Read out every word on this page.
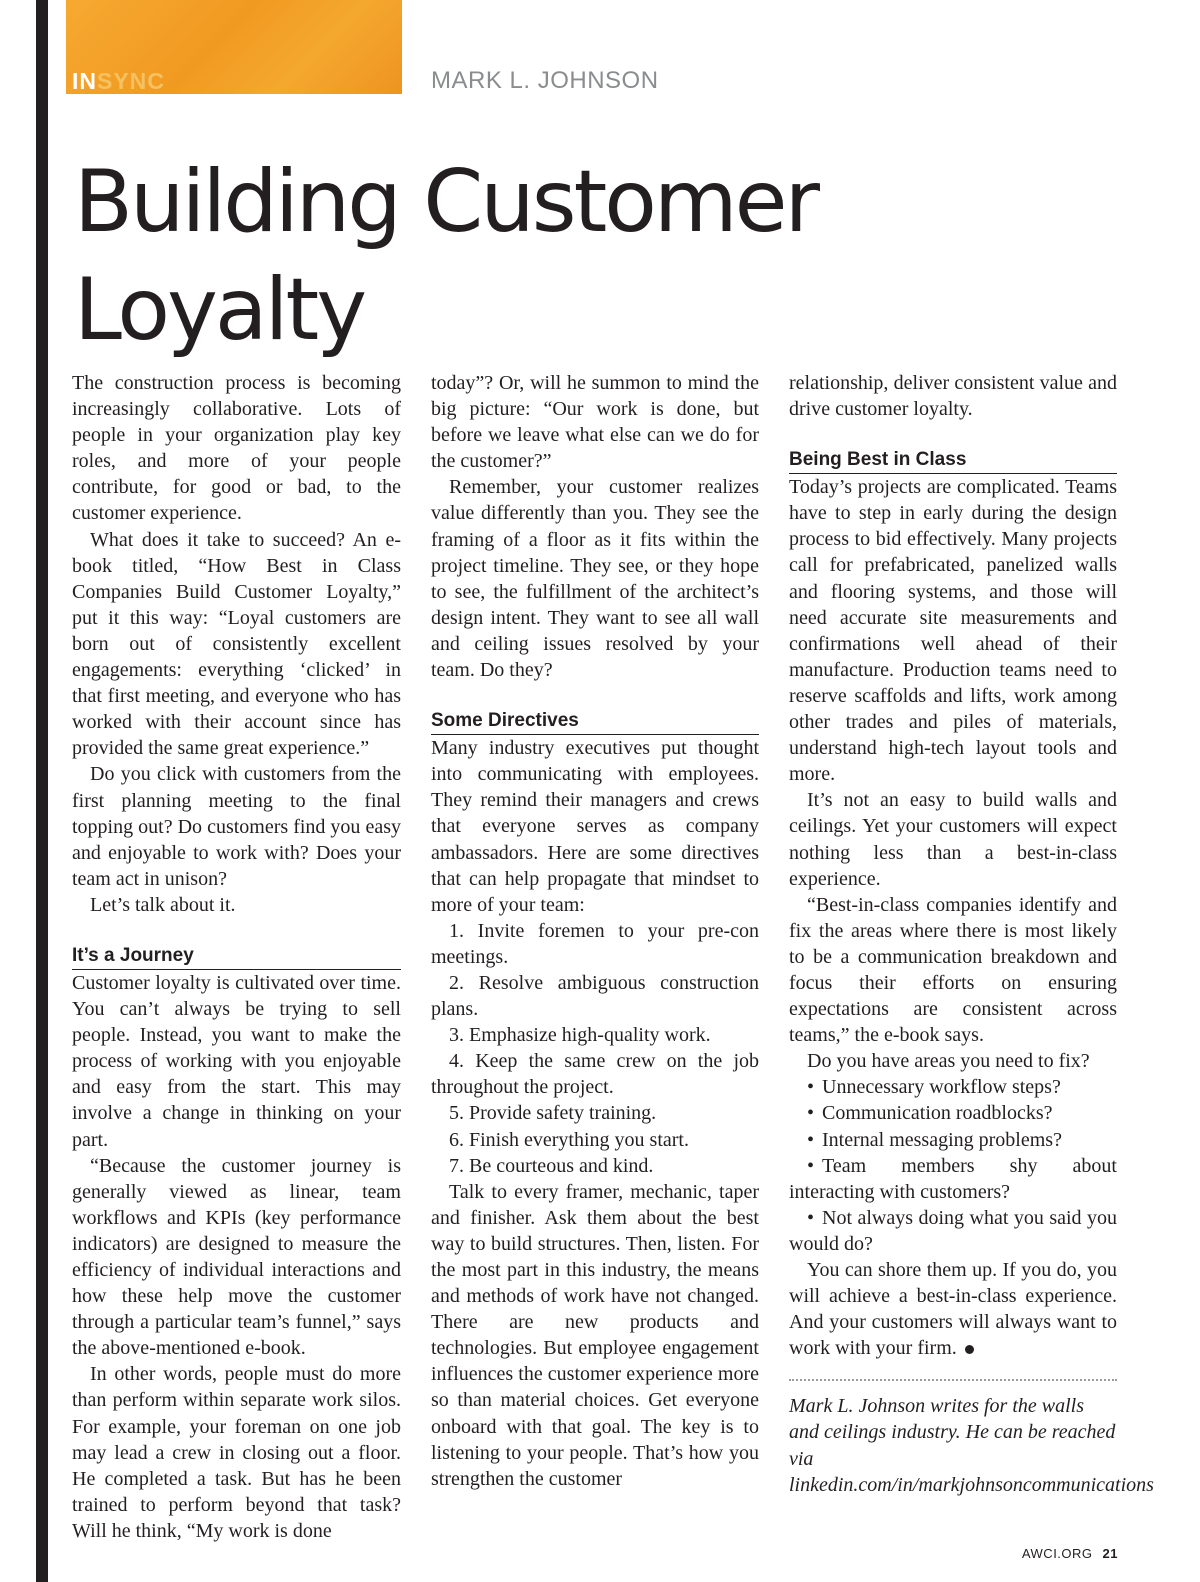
INSYNC	MARK L. JOHNSON
Building Customer Loyalty

The construction process is becoming increasingly collaborative. Lots of people in your organization play key roles, and more of your people contribute, for good or bad, to the customer experience.

What does it take to succeed? An e-book titled, “How Best in Class Companies Build Customer Loyalty,” put it this way: “Loyal customers are born out of consistently excellent engagements: everything ‘clicked’ in that first meeting, and everyone who has worked with their account since has provided the same great experience.”

Do you click with customers from the first planning meeting to the final topping out? Do customers find you easy and enjoyable to work with? Does your team act in unison?

Let’s talk about it.

It’s a Journey

Customer loyalty is cultivated over time. You can’t always be trying to sell people. Instead, you want to make the process of working with you enjoyable and easy from the start. This may involve a change in thinking on your part.

“Because the customer journey is generally viewed as linear, team workflows and KPIs (key performance indicators) are designed to measure the efficiency of individual interactions and how these help move the customer through a particular team’s funnel,” says the above-mentioned e-book.

In other words, people must do more than perform within separate work silos. For example, your foreman on one job may lead a crew in closing out a floor. He completed a task. But has he been trained to perform beyond that task? Will he think, “My work is done

today”? Or, will he summon to mind the big picture: “Our work is done, but before we leave what else can we do for the customer?”

Remember, your customer realizes value differently than you. They see the framing of a floor as it fits within the project timeline. They see, or they hope to see, the fulfillment of the architect’s design intent. They want to see all wall and ceiling issues resolved by your team. Do they?

Some Directives

Many industry executives put thought into communicating with employees. They remind their managers and crews that everyone serves as company ambassadors. Here are some directives that can help propagate that mindset to more of your team:

1. Invite foremen to your pre-con meetings.
2. Resolve ambiguous construction plans.
3. Emphasize high-quality work.
4. Keep the same crew on the job throughout the project.
5. Provide safety training.
6. Finish everything you start.
7. Be courteous and kind.

Talk to every framer, mechanic, taper and finisher. Ask them about the best way to build structures. Then, listen. For the most part in this industry, the means and methods of work have not changed. There are new products and technologies. But employee engagement influences the customer experience more so than material choices. Get everyone onboard with that goal. The key is to listening to your people. That’s how you strengthen the customer

relationship, deliver consistent value and drive customer loyalty.

Being Best in Class

Today’s projects are complicated. Teams have to step in early during the design process to bid effectively. Many projects call for prefabricated, panelized walls and flooring systems, and those will need accurate site measurements and confirmations well ahead of their manufacture. Production teams need to reserve scaffolds and lifts, work among other trades and piles of materials, understand high-tech layout tools and more.

It’s not an easy to build walls and ceilings. Yet your customers will expect nothing less than a best-in-class experience.

“Best-in-class companies identify and fix the areas where there is most likely to be a communication breakdown and focus their efforts on ensuring expectations are consistent across teams,” the e-book says.

Do you have areas you need to fix?

• Unnecessary workflow steps?
• Communication roadblocks?
• Internal messaging problems?
• Team members shy about interacting with customers?
• Not always doing what you said you would do?

You can shore them up. If you do, you will achieve a best-in-class experience. And your customers will always want to work with your firm.

Mark L. Johnson writes for the walls and ceilings industry. He can be reached via linkedin.com/in/markjohnsoncommunications

AWCI.ORG 21
